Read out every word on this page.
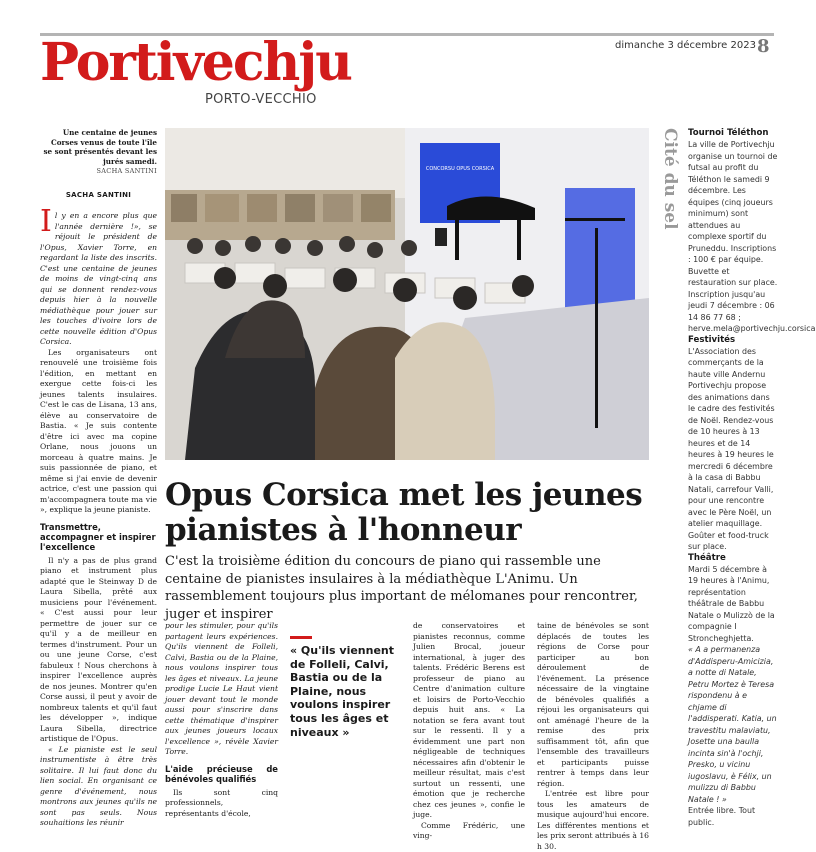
Portivechju
PORTO-VECCHIO
dimanche 3 décembre 2023 8
Une centaine de jeunes Corses venus de toute l'île se sont présentés devant les jurés samedi.
SACHA SANTINI
SACHA SANTINI
Il y en a encore plus que l'année dernière !», se réjouit le président de l'Opus, Xavier Torre, en regardant la liste des inscrits. C'est une centaine de jeunes de moins de vingt-cinq ans qui se donnent rendez-vous depuis hier à la nouvelle médiathèque pour jouer sur les touches d'ivoire lors de cette nouvelle édition d'Opus Corsica.

Les organisateurs ont renouvelé une troisième fois l'édition, en mettant en exergue cette fois-ci les jeunes talents insulaires. C'est le cas de Lisana, 13 ans, élève au conservatoire de Bastia. « Je suis contente d'être ici avec ma copine Orlane, nous jouons un morceau à quatre mains. Je suis passionnée de piano, et même si j'ai envie de devenir actrice, c'est une passion qui m'accompagnera toute ma vie », explique la jeune pianiste.

Transmettre, accompagner et inspirer l'excellence

Il n'y a pas de plus grand piano et instrument plus adapté que le Steinway D de Laura Sibella, prêté aux musiciens pour l'événement. « C'est aussi pour leur permettre de jouer sur ce qu'il y a de meilleur en termes d'instrument. Pour un ou une jeune Corse, c'est fabuleux ! Nous cherchons à inspirer l'excellence auprès de nos jeunes. Montrer qu'en Corse aussi, il peut y avoir de nombreux talents et qu'il faut les développer », indique Laura Sibella, directrice artistique de l'Opus.

« Le pianiste est le seul instrumentiste à être très solitaire. Il lui faut donc du lien social. En organisant ce genre d'événement, nous montrons aux jeunes qu'ils ne sont pas seuls. Nous souhaitions les réunir

CONCORSU OPUS CORSICA
Opus Corsica met les jeunes pianistes à l'honneur
C'est la troisième édition du concours de piano qui rassemble une centaine de pianistes insulaires à la médiathèque L'Animu. Un rassemblement toujours plus important de mélomanes pour rencontrer, juger et inspirer

pour les stimuler, pour qu'ils partagent leurs expériences. Qu'ils viennent de Folleli, Calvi, Bastia ou de la Plaine, nous voulons inspirer tous les âges et niveaux. La jeune prodige Lucie Le Haut vient jouer devant tout le monde aussi pour s'inscrire dans cette thématique d'inspirer aux jeunes joueurs locaux l'excellence », révèle Xavier Torre.

L'aide précieuse de bénévoles qualifiés

Ils sont cinq professionnels, représentants d'école,

« Qu'ils viennent de Folleli, Calvi, Bastia ou de la Plaine, nous voulons inspirer tous les âges et niveaux »

de conservatoires et pianistes reconnus, comme Julien Brocal, joueur international, à juger des talents. Frédéric Berens est professeur de piano au Centre d'animation culture et loisirs de Porto-Vecchio depuis huit ans. « La notation se fera avant tout sur le ressenti. Il y a évidemment une part non négligeable de techniques nécessaires afin d'obtenir le meilleur résultat, mais c'est surtout un ressenti, une émotion que je recherche chez ces jeunes », confie le juge.

Comme Frédéric, une ving-

taine de bénévoles se sont déplacés de toutes les régions de Corse pour participer au bon déroulement de l'événement. La présence nécessaire de la vingtaine de bénévoles qualifiés a réjoui les organisateurs qui ont aménagé l'heure de la remise des prix suffisamment tôt, afin que l'ensemble des travailleurs et participants puisse rentrer à temps dans leur région.

L'entrée est libre pour tous les amateurs de musique aujourd'hui encore. Les différentes mentions et les prix seront attribués à 16 h 30.

Cité du sel Tournoi Téléthon
La ville de Portivechju organise un tournoi de futsal au profit du Téléthon le samedi 9 décembre. Les équipes (cinq joueurs minimum) sont attendues au complexe sportif du Pruneddu. Inscriptions : 100 € par équipe. Buvette et restauration sur place. Inscription jusqu'au jeudi 7 décembre : 06 14 86 77 68 ; herve.mela@portivechju.corsica
Festivités
L'Association des commerçants de la haute ville Andernu Portivechju propose des animations dans le cadre des festivités de Noël. Rendez-vous de 10 heures à 13 heures et de 14 heures à 19 heures le mercredi 6 décembre à la casa di Babbu Natali, carrefour Valli, pour une rencontre avec le Père Noël, un atelier maquillage. Goûter et food-truck sur place.
Théâtre
Mardi 5 décembre à 19 heures à l'Animu, représentation théâtrale de Babbu Natale o Mulizzò de la compagnie I Stroncheghjetta.
« A a permanenza d'Addisperu-Amicizia, a notte di Natale, Petru Mortez è Teresa rispondenu à e chjame di l'addisperati. Katia, un travestitu malaviatu, Josette una baulla incinta sin'à l'ochji, Presko, u vicinu iugoslavu, è Félix, un mulizzu di Babbu Natale ! »
Entrée libre. Tout public.
